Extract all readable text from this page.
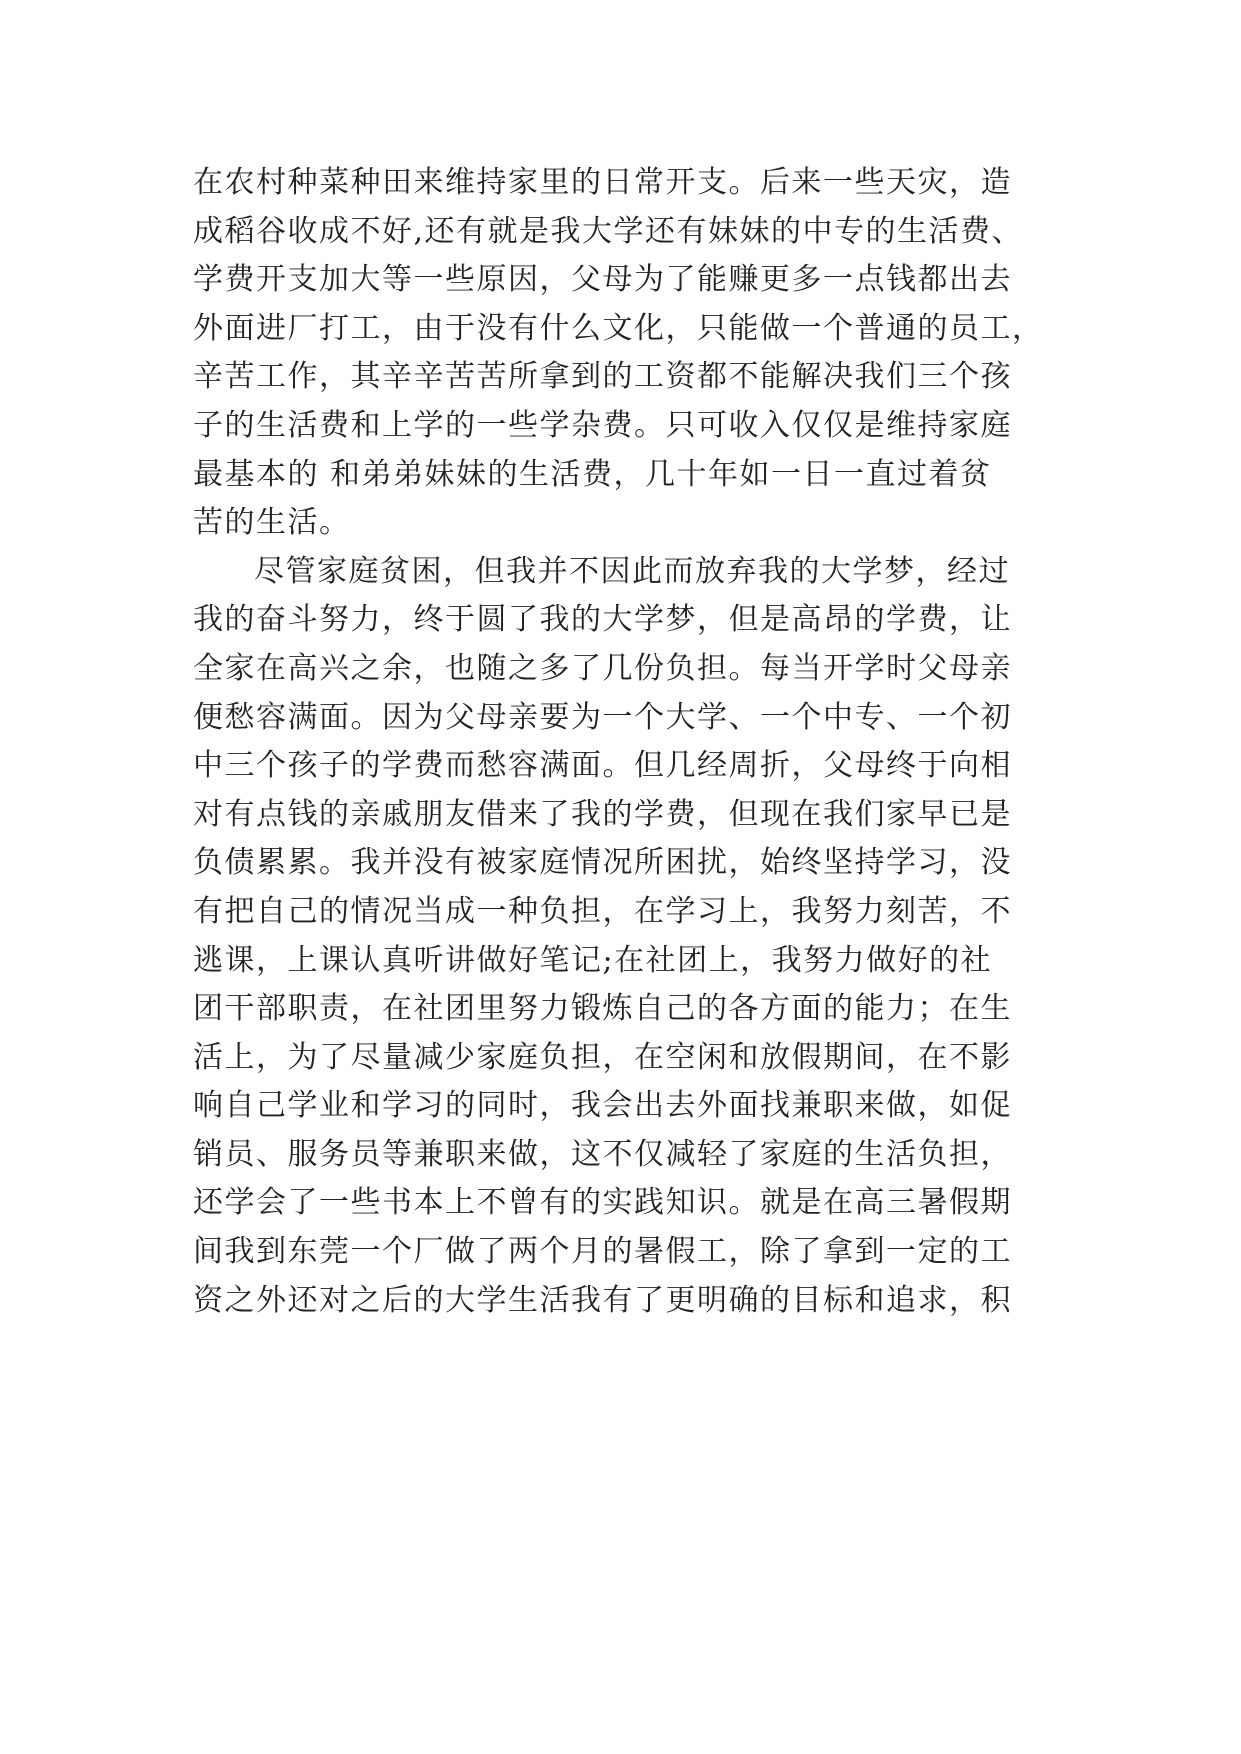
在农村种菜种田来维持家里的日常开支。后来一些天灾，造
成稻谷收成不好,还有就是我大学还有妹妹的中专的生活费、
学费开支加大等一些原因，父母为了能赚更多一点钱都出去
外面进厂打工，由于没有什么文化，只能做一个普通的员工，
辛苦工作，其辛辛苦苦所拿到的工资都不能解决我们三个孩
子的生活费和上学的一些学杂费。只可收入仅仅是维持家庭
最基本的 和弟弟妹妹的生活费，几十年如一日一直过着贫
苦的生活。
尽管家庭贫困，但我并不因此而放弃我的大学梦，经过
我的奋斗努力，终于圆了我的大学梦，但是高昂的学费，让
全家在高兴之余，也随之多了几份负担。每当开学时父母亲
便愁容满面。因为父母亲要为一个大学、一个中专、一个初
中三个孩子的学费而愁容满面。但几经周折，父母终于向相
对有点钱的亲戚朋友借来了我的学费，但现在我们家早已是
负债累累。我并没有被家庭情况所困扰，始终坚持学习，没
有把自己的情况当成一种负担，在学习上，我努力刻苦，不
逃课，上课认真听讲做好笔记;在社团上，我努力做好的社
团干部职责，在社团里努力锻炼自己的各方面的能力；在生
活上，为了尽量减少家庭负担，在空闲和放假期间，在不影
响自己学业和学习的同时，我会出去外面找兼职来做，如促
销员、服务员等兼职来做，这不仅减轻了家庭的生活负担，
还学会了一些书本上不曾有的实践知识。就是在高三暑假期
间我到东莞一个厂做了两个月的暑假工，除了拿到一定的工
资之外还对之后的大学生活我有了更明确的目标和追求，积
